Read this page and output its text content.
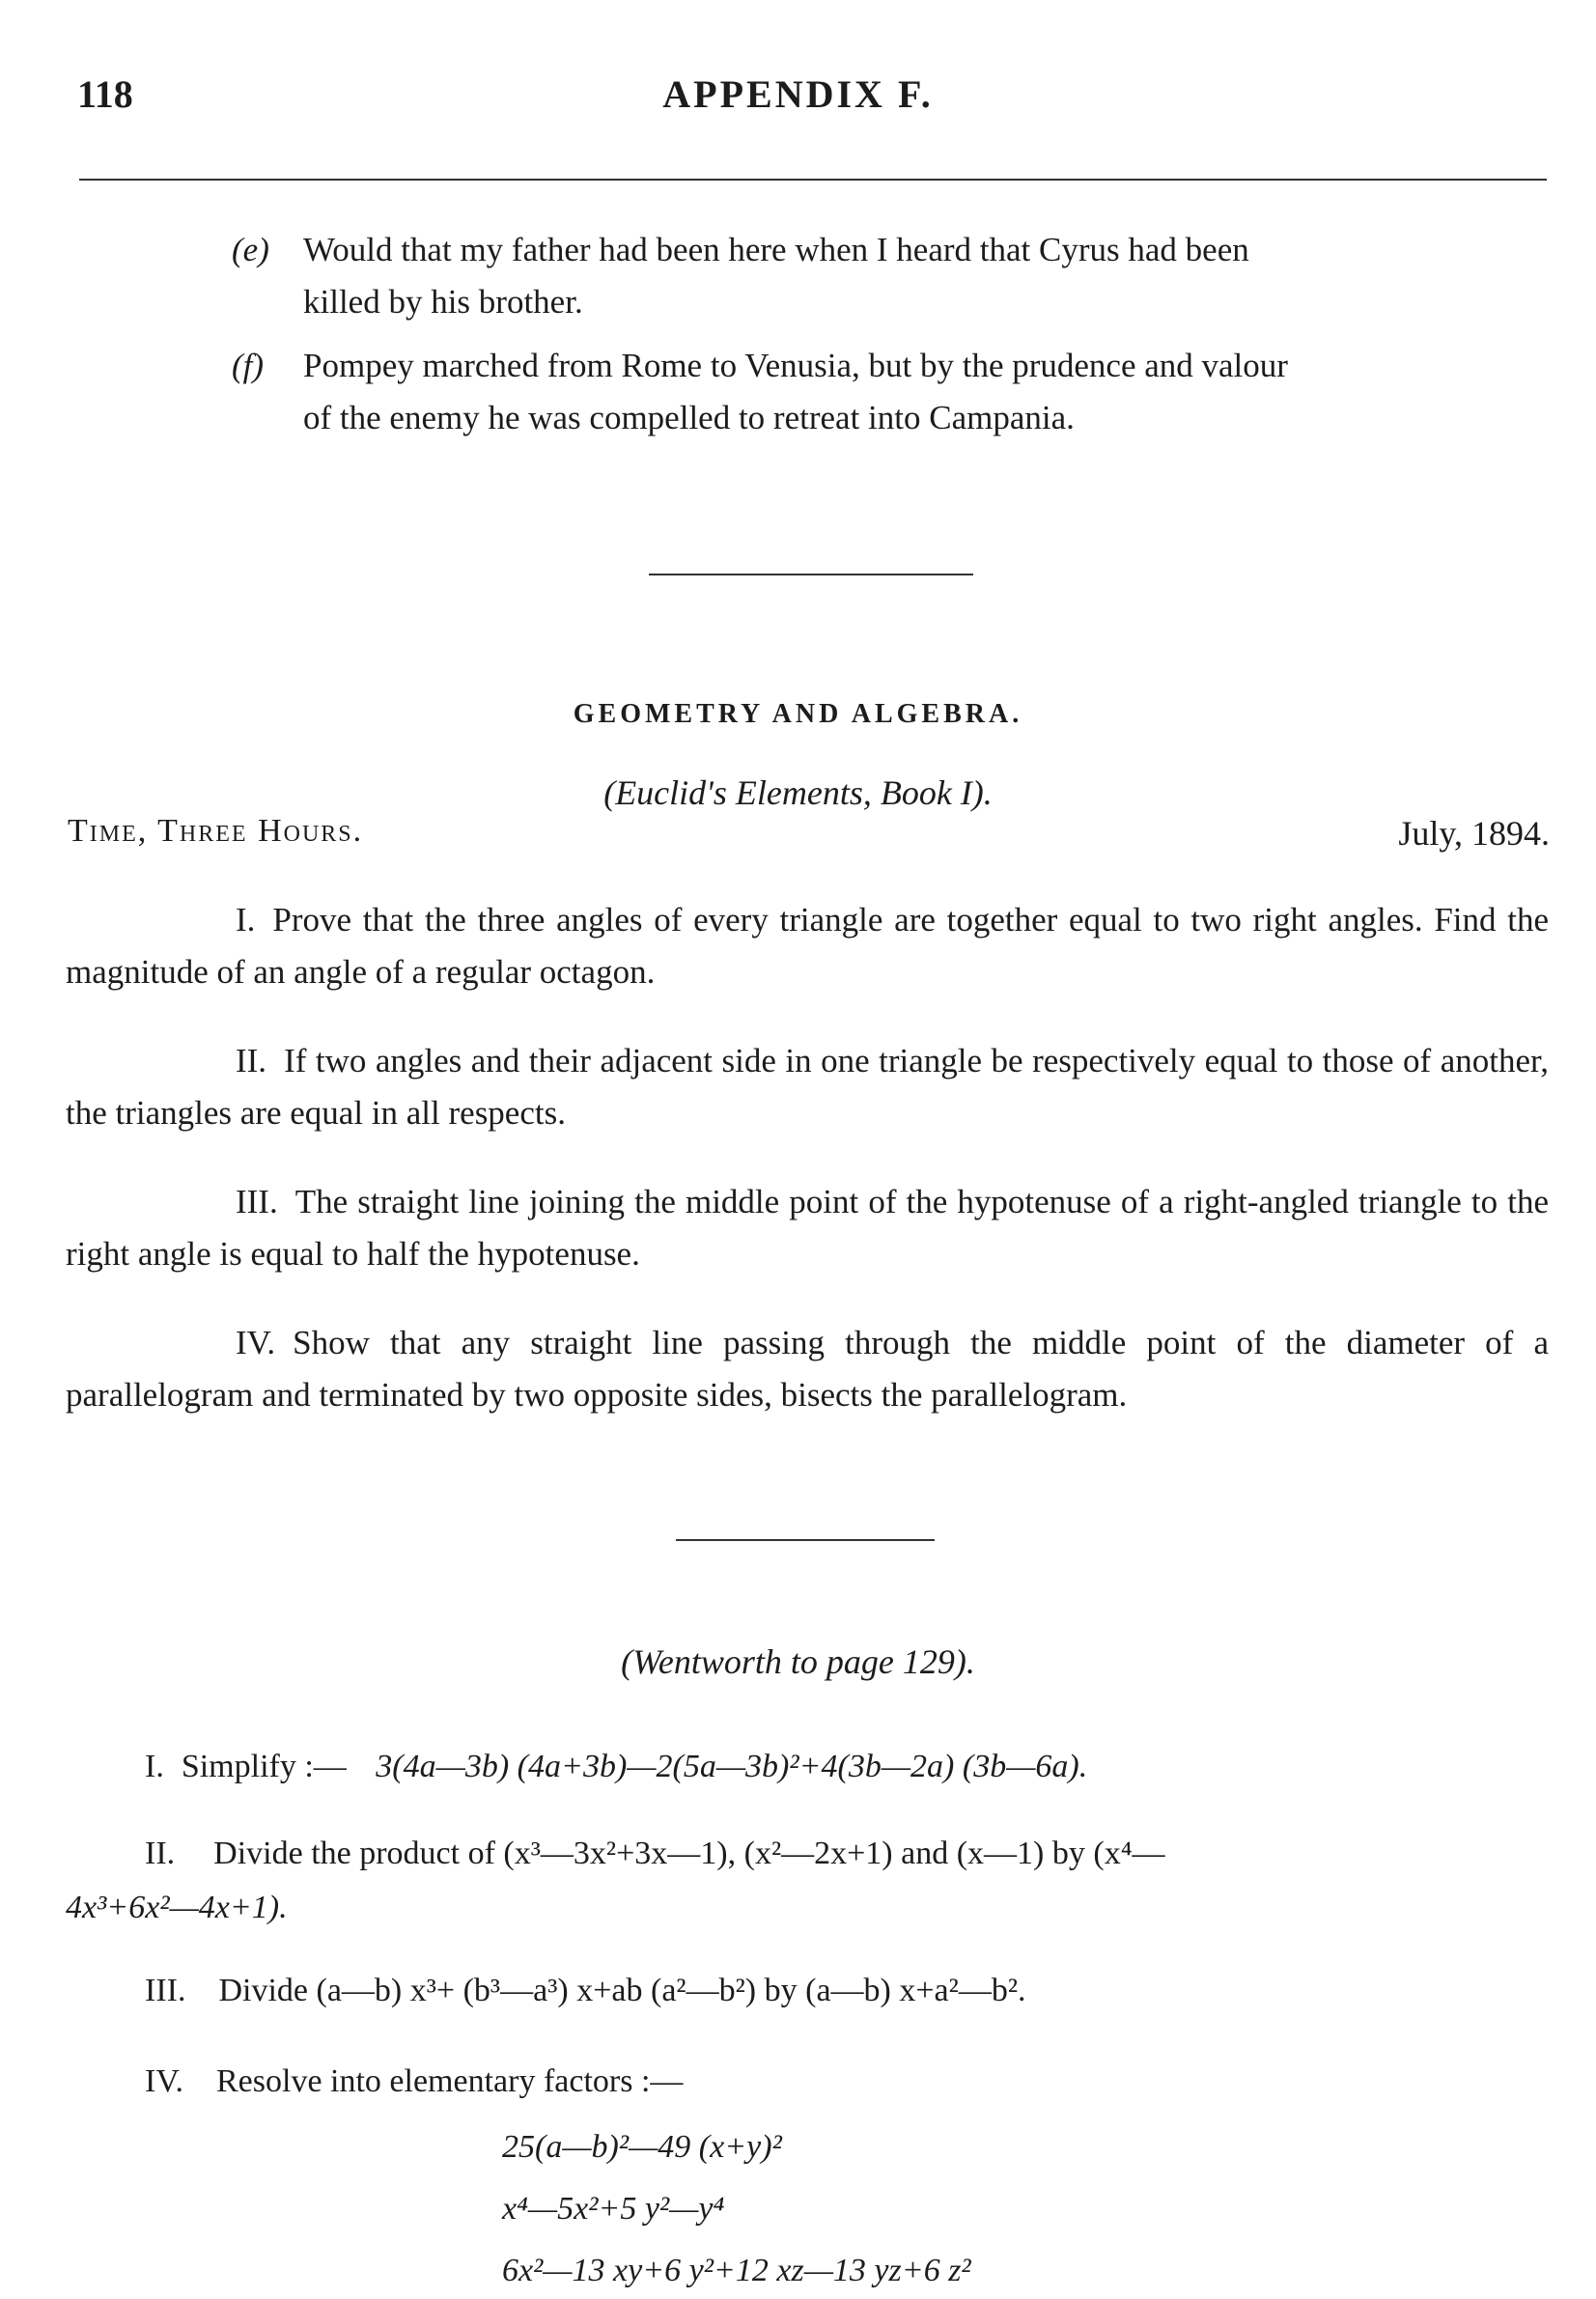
118	APPENDIX F.
(e) Would that my father had been here when I heard that Cyrus had been
killed by his brother.
(f) Pompey marched from Rome to Venusia, but by the prudence and valour
of the enemy he was compelled to retreat into Campania.
GEOMETRY AND ALGEBRA.
(Euclid's Elements, Book I).
Time, Three Hours.	July, 1894.
I. Prove that the three angles of every triangle are together equal to two right angles. Find the magnitude of an angle of a regular octagon.
II. If two angles and their adjacent side in one triangle be respectively equal to those of another, the triangles are equal in all respects.
III. The straight line joining the middle point of the hypotenuse of a right-angled triangle to the right angle is equal to half the hypotenuse.
IV. Show that any straight line passing through the middle point of the diameter of a parallelogram and terminated by two opposite sides, bisects the parallelogram.
(Wentworth to page 129).
I. Simplify :— 3(4a—3b) (4a+3b)—2(5a—3b)²+4(3b—2a) (3b—6a).
II. Divide the product of (x³—3x²+3x—1), (x²—2x+1) and (x—1) by (x⁴—
4x³+6x²—4x+1).
III. Divide (a—b) x³+ (b³—a³) x+ab (a²—b²) by (a—b) x+a²—b².
IV. Resolve into elementary factors :—
25(a—b)²—49 (x+y)²
x⁴—5x²+5 y²—y⁴
6x²—13 xy+6 y²+12 xz—13 yz+6 z²
